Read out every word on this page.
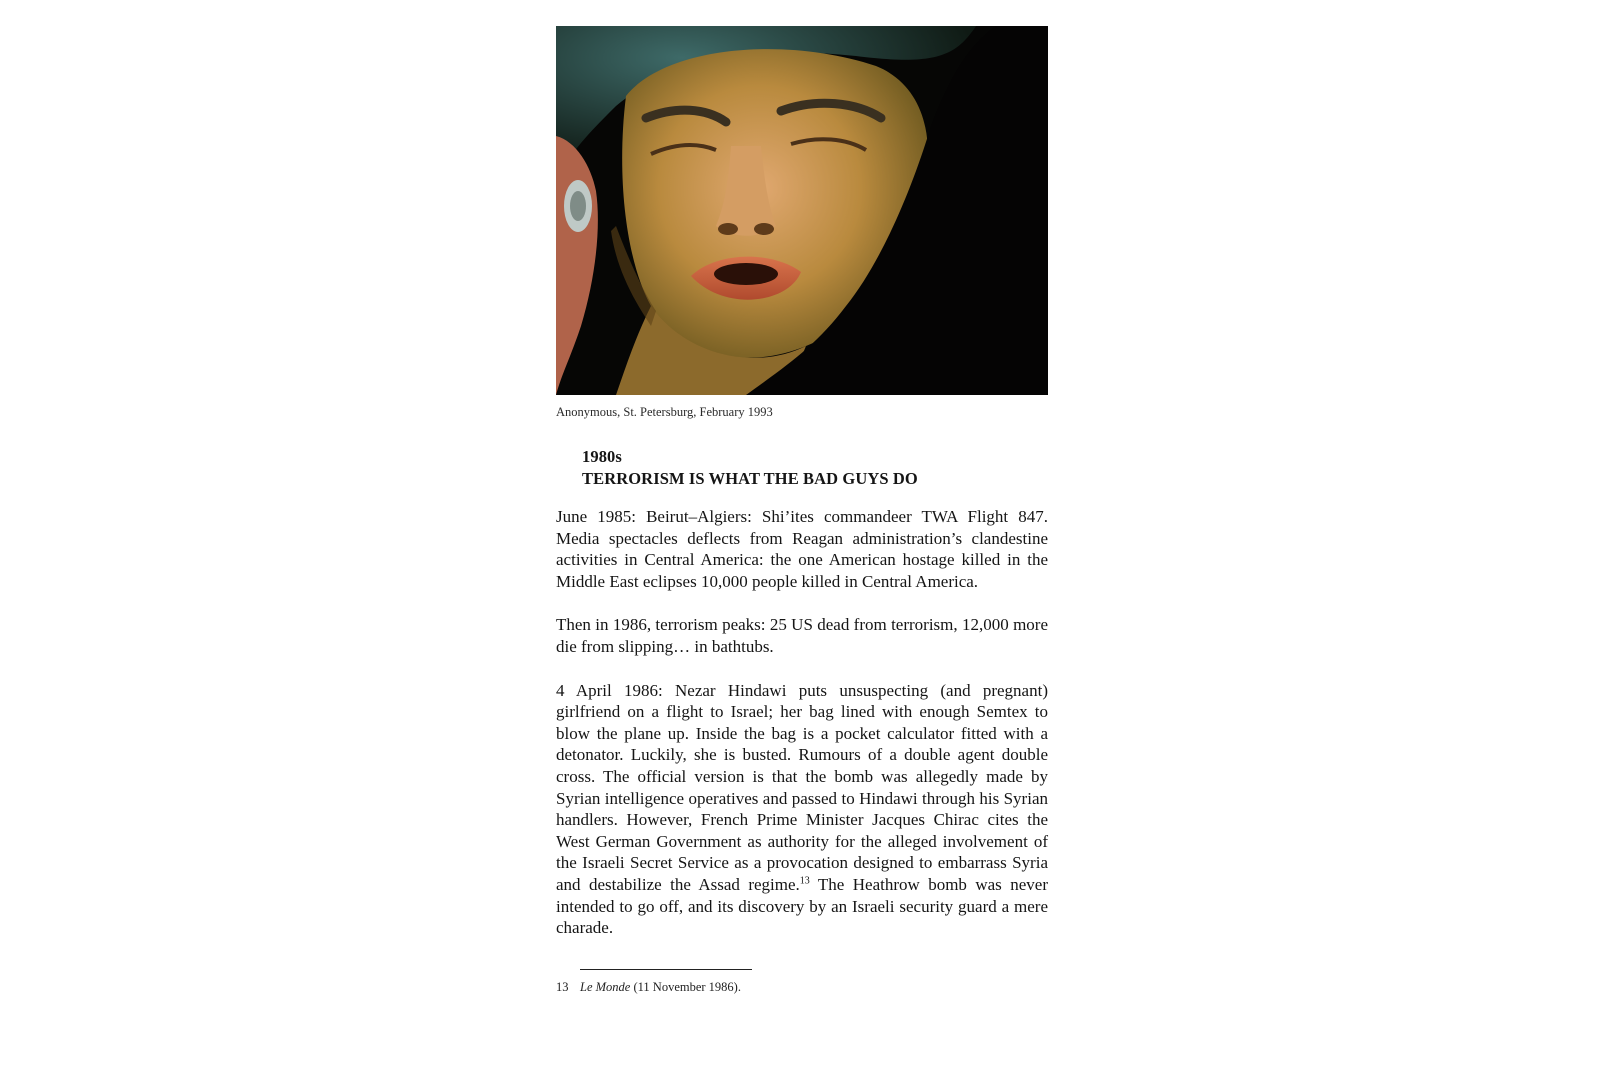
Anonymous, St. Petersburg, February 1993
1980s
TERRORISM IS WHAT THE BAD GUYS DO

June 1985: Beirut–Algiers: Shi’ites commandeer TWA Flight 847. Media spectacles deflects from Reagan administration’s clandestine activities in Central America: the one American hostage killed in the Middle East eclipses 10,000 people killed in Central America.

Then in 1986, terrorism peaks: 25 US dead from terrorism, 12,000 more die from slipping… in bathtubs.

4 April 1986: Nezar Hindawi puts unsuspecting (and pregnant) girlfriend on a flight to Israel; her bag lined with enough Semtex to blow the plane up. Inside the bag is a pocket calculator fitted with a detonator. Luckily, she is busted. Rumours of a double agent double cross. The official version is that the bomb was allegedly made by Syrian intelligence operatives and passed to Hindawi through his Syrian handlers. However, French Prime Minister Jacques Chirac cites the West German Government as authority for the alleged involvement of the Israeli Secret Service as a provocation designed to embarrass Syria and destabilize the Assad regime.$^{13}$ The Heathrow bomb was never intended to go off, and its discovery by an Israeli security guard a mere charade.

13 Le Monde (11 November 1986).
